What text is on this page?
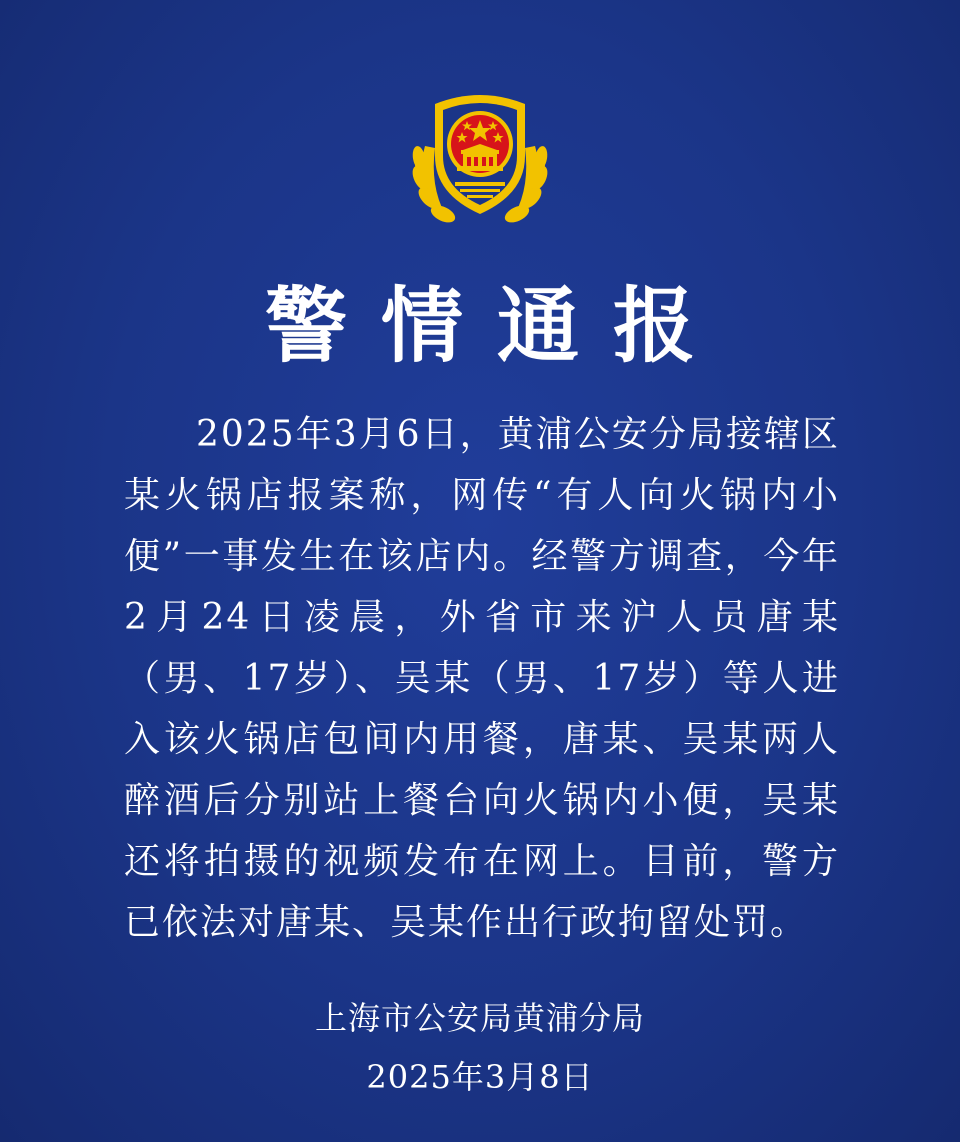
警情通报

2025年3月6日，黄浦公安分局接辖区某火锅店报案称，网传“有人向火锅内小便”一事发生在该店内。经警方调查，今年2月24日凌晨，外省市来沪人员唐某（男、17岁）、吴某（男、17岁）等人进入该火锅店包间内用餐，唐某、吴某两人醉酒后分别站上餐台向火锅内小便，吴某还将拍摄的视频发布在网上。目前，警方已依法对唐某、吴某作出行政拘留处罚。

上海市公安局黄浦分局
2025年3月8日
